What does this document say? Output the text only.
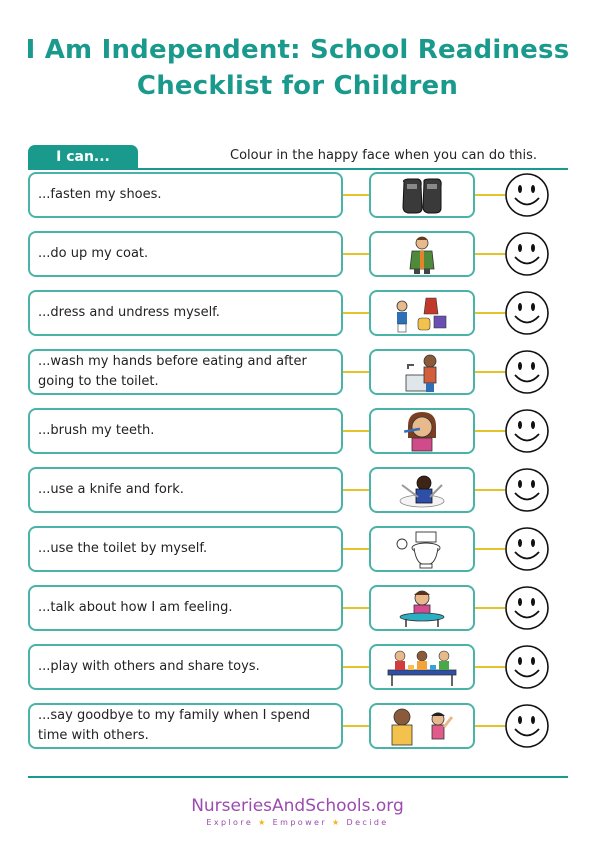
I Am Independent: School Readiness
Checklist for Children
I can...	Colour in the happy face when you can do this.
...fasten my shoes.
...do up my coat.
...dress and undress myself.
...wash my hands before eating and after going to the toilet.
...brush my teeth.
...use a knife and fork.
...use the toilet by myself.
...talk about how I am feeling.
...play with others and share toys.
...say goodbye to my family when I spend time with others.
NurseriesAndSchools.org
Explore ★ Empower ★ Decide
